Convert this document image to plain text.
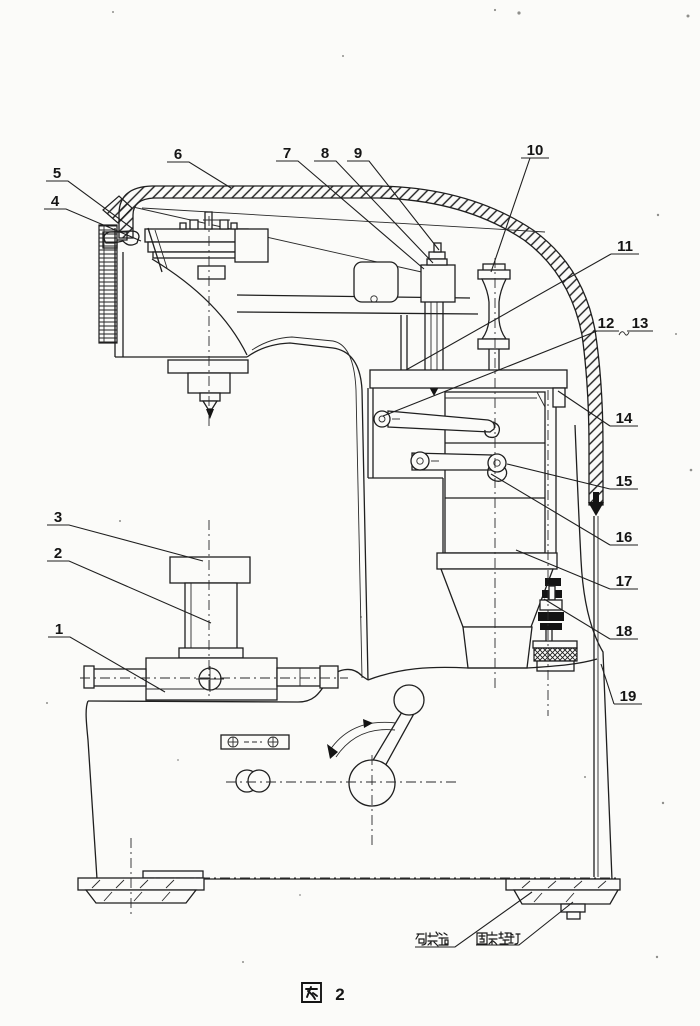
1
2
3
4
5
6	7 8 9	10
11
12 13
14
15
16
17
18
19
包装箱	固定螺钉
图 2
